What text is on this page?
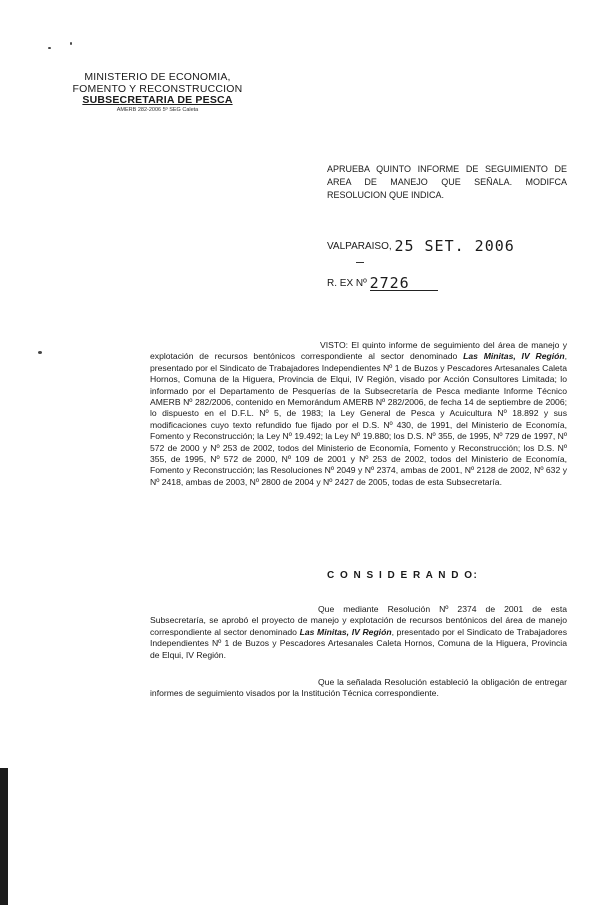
MINISTERIO DE ECONOMIA,
FOMENTO Y RECONSTRUCCION
SUBSECRETARIA DE PESCA
AMERB 282-2006 5º SEG Caleta
APRUEBA QUINTO INFORME DE SEGUIMIENTO DE AREA DE MANEJO QUE SEÑALA. MODIFCA RESOLUCION QUE INDICA.
VALPARAISO, 25 SET. 2006
R. EX Nº 2726
VISTO: El quinto informe de seguimiento del área de manejo y explotación de recursos bentónicos correspondiente al sector denominado Las Minitas, IV Región, presentado por el Sindicato de Trabajadores Independientes Nº 1 de Buzos y Pescadores Artesanales Caleta Hornos, Comuna de la Higuera, Provincia de Elqui, IV Región, visado por Acción Consultores Limitada; lo informado por el Departamento de Pesquerías de la Subsecretaría de Pesca mediante Informe Técnico AMERB Nº 282/2006, contenido en Memorándum AMERB Nº 282/2006, de fecha 14 de septiembre de 2006; lo dispuesto en el D.F.L. Nº 5, de 1983; la Ley General de Pesca y Acuicultura Nº 18.892 y sus modificaciones cuyo texto refundido fue fijado por el D.S. Nº 430, de 1991, del Ministerio de Economía, Fomento y Reconstrucción; la Ley Nº 19.492; la Ley Nº 19.880; los D.S. Nº 355, de 1995, Nº 729 de 1997, Nº 572 de 2000 y Nº 253 de 2002, todos del Ministerio de Economía, Fomento y Reconstrucción; los D.S. Nº 355, de 1995, Nº 572 de 2000, Nº 109 de 2001 y Nº 253 de 2002, todos del Ministerio de Economía, Fomento y Reconstrucción; las Resoluciones Nº 2049 y Nº 2374, ambas de 2001, Nº 2128 de 2002, Nº 632 y Nº 2418, ambas de 2003, Nº 2800 de 2004 y Nº 2427 de 2005, todas de esta Subsecretaría.
C O N S I D E R A N D O:
Que mediante Resolución Nº 2374 de 2001 de esta Subsecretaría, se aprobó el proyecto de manejo y explotación de recursos bentónicos del área de manejo correspondiente al sector denominado Las Minitas, IV Región, presentado por el Sindicato de Trabajadores Independientes Nº 1 de Buzos y Pescadores Artesanales Caleta Hornos, Comuna de la Higuera, Provincia de Elqui, IV Región.
Que la señalada Resolución estableció la obligación de entregar informes de seguimiento visados por la Institución Técnica correspondiente.
